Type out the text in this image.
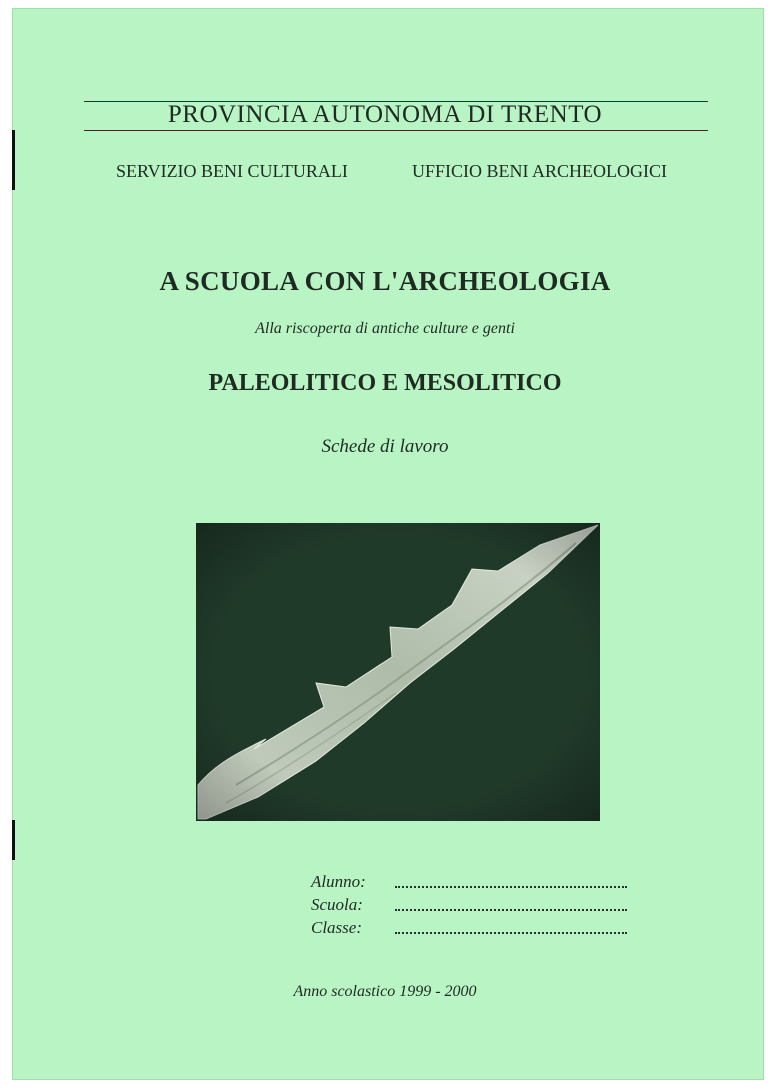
PROVINCIA AUTONOMA DI TRENTO
SERVIZIO BENI CULTURALI	UFFICIO BENI ARCHEOLOGICI
A SCUOLA CON L'ARCHEOLOGIA
Alla riscoperta di antiche culture e genti
PALEOLITICO E MESOLITICO
Schede di lavoro
Alunno:
Scuola:
Classe:
Anno scolastico 1999 - 2000
